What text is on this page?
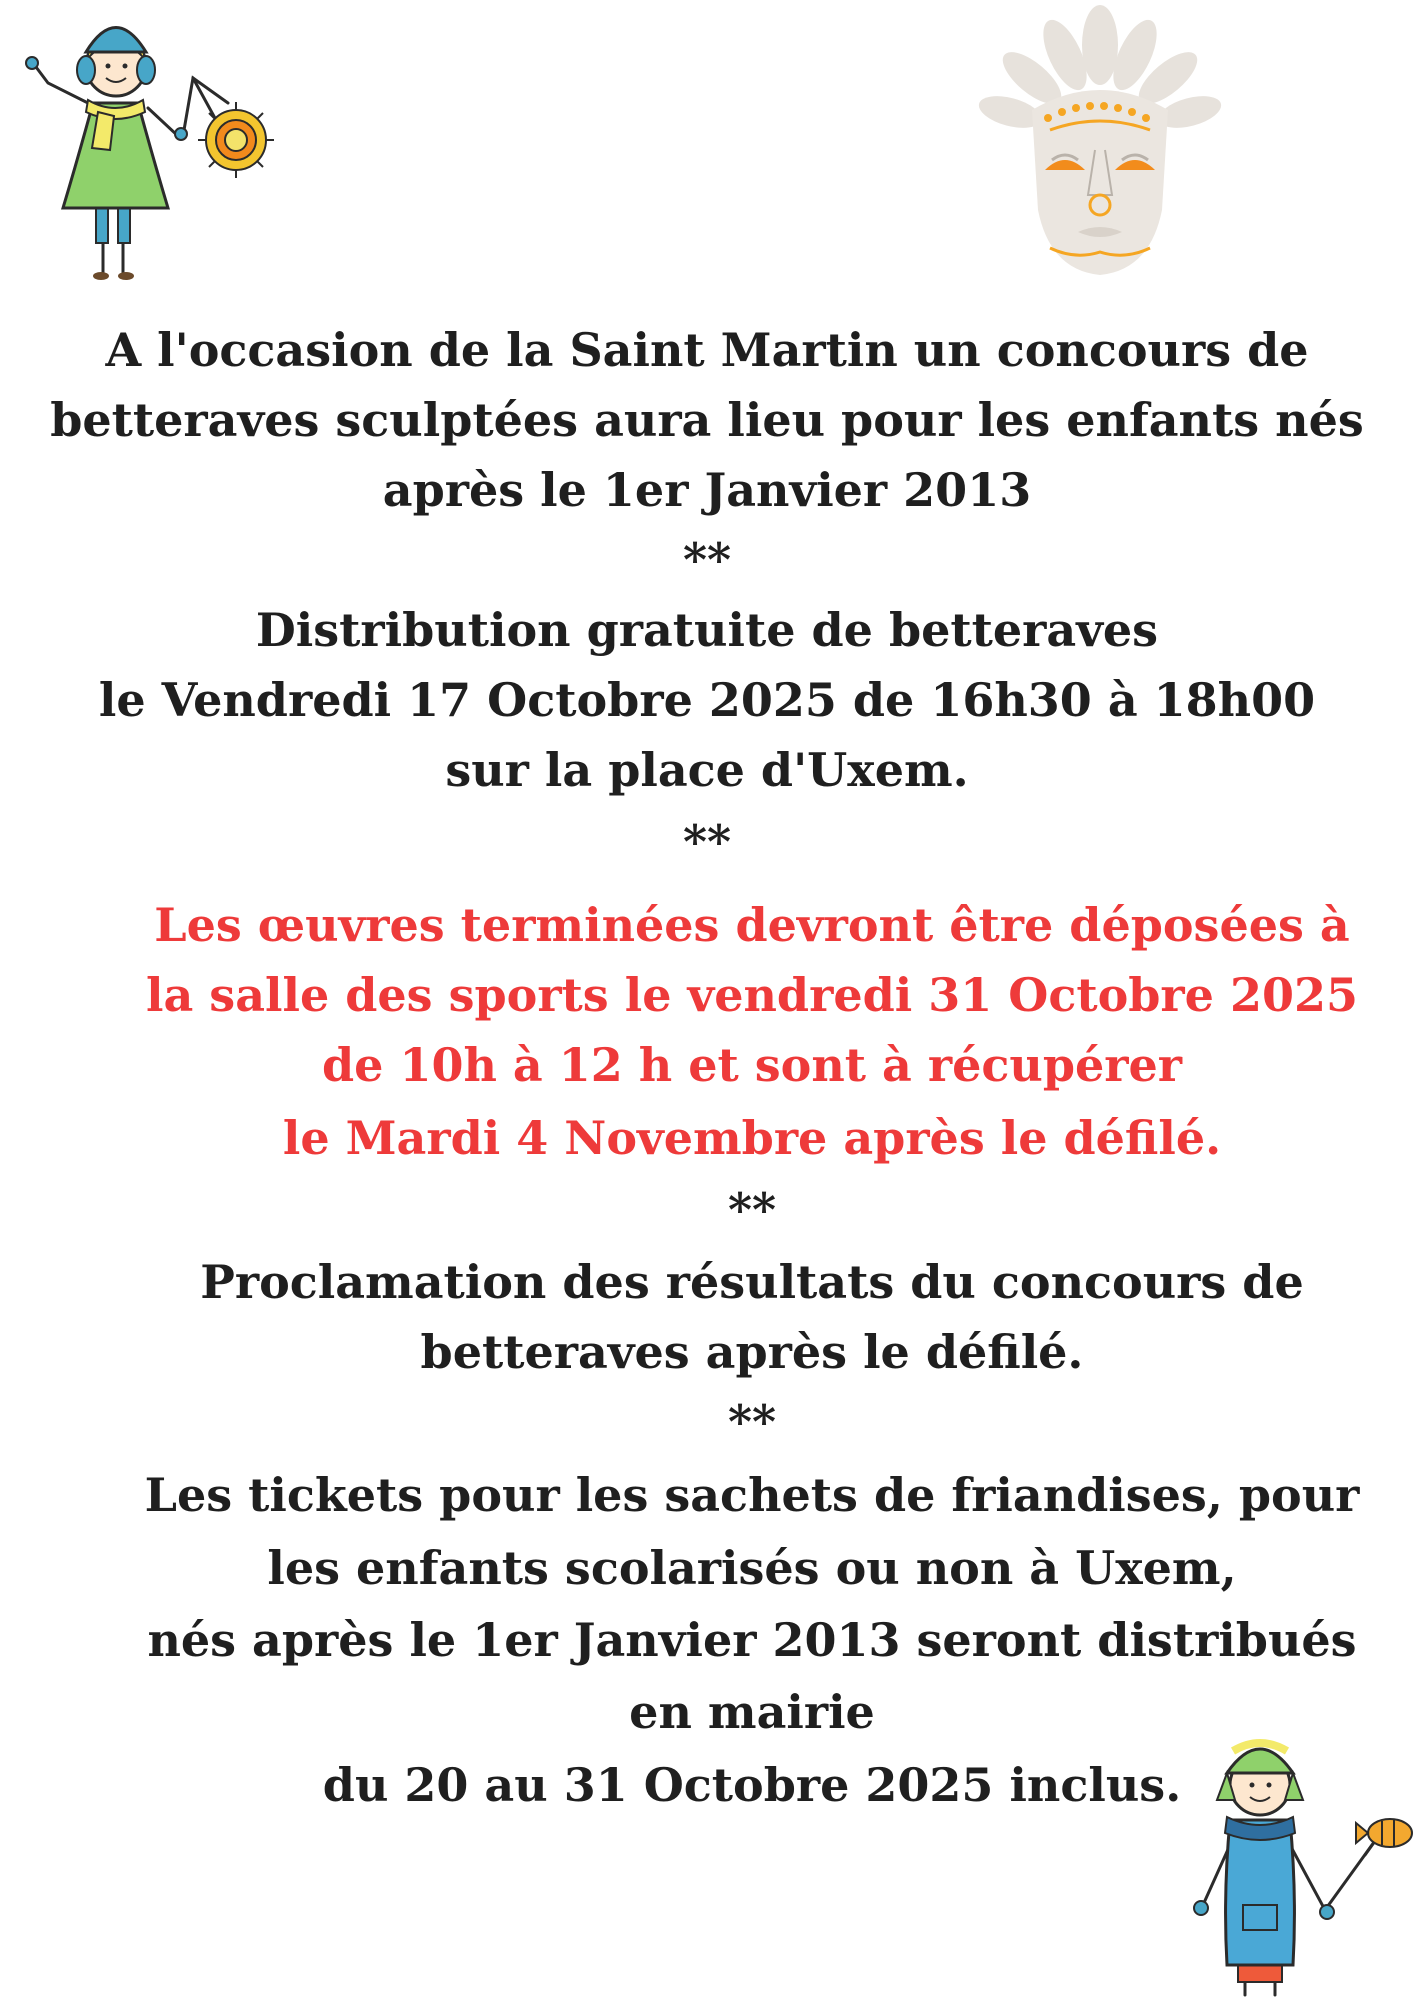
A l'occasion de la Saint Martin un concours de
betteraves sculptées aura lieu pour les enfants nés
après le 1er Janvier 2013
**
Distribution gratuite de betteraves
le Vendredi 17 Octobre 2025 de 16h30 à 18h00
sur la place d'Uxem.
**
Les œuvres terminées devront être déposées à
la salle des sports le vendredi 31 Octobre 2025
de 10h à 12 h et sont à récupérer
le Mardi 4 Novembre après le défilé.
**
Proclamation des résultats du concours de
betteraves après le défilé.
**
Les tickets pour les sachets de friandises, pour
les enfants scolarisés ou non à Uxem,
nés après le 1er Janvier 2013 seront distribués
en mairie
du 20 au 31 Octobre 2025 inclus.
